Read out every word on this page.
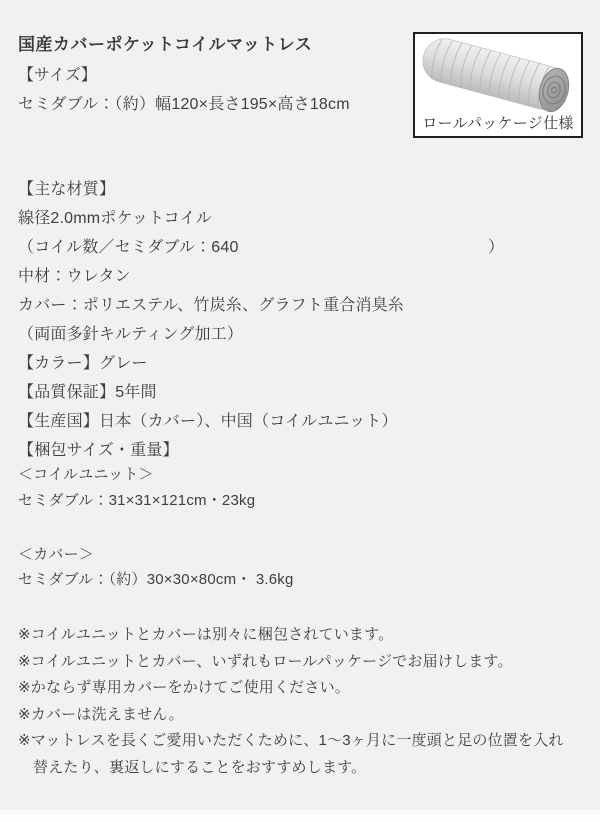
国産カバーポケットコイルマットレス
【サイズ】
セミダブル：（約）幅120×長さ195×高さ18cm
ロールパッケージ仕様
【主な材質】
線径2.0mmポケットコイル
（コイル数／セミダブル：640	）
中材：ウレタン
カバー：ポリエステル、竹炭糸、グラフト重合消臭糸
（両面多針キルティング加工）
【カラー】グレー
【品質保証】5年間
【生産国】日本（カバー）、中国（コイルユニット）
【梱包サイズ・重量】
＜コイルユニット＞
セミダブル：31×31×121cm・23kg
＜カバー＞
セミダブル：（約）30×30×80cm・ 3.6kg
※コイルユニットとカバーは別々に梱包されています。
※コイルユニットとカバー、いずれもロールパッケージでお届けします。
※かならず専用カバーをかけてご使用ください。
※カバーは洗えません。
※マットレスを長くご愛用いただくために、1～3ヶ月に一度頭と足の位置を入れ
替えたり、裏返しにすることをおすすめします。
